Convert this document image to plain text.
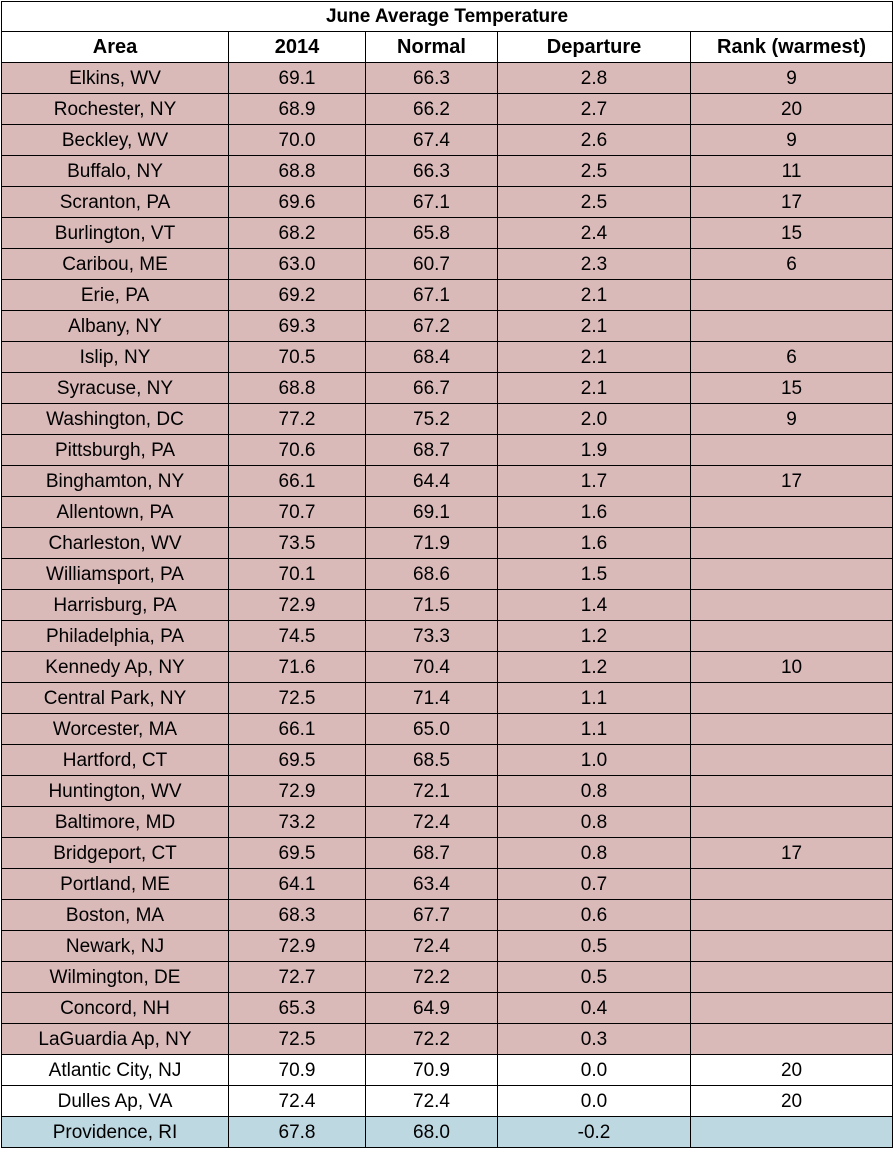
June Average Temperature				
Area	2014	Normal	Departure	Rank (warmest)
Elkins, WV	69.1	66.3	2.8	9
Rochester, NY	68.9	66.2	2.7	20
Beckley, WV	70.0	67.4	2.6	9
Buffalo, NY	68.8	66.3	2.5	11
Scranton, PA	69.6	67.1	2.5	17
Burlington, VT	68.2	65.8	2.4	15
Caribou, ME	63.0	60.7	2.3	6
Erie, PA	69.2	67.1	2.1	
Albany, NY	69.3	67.2	2.1	
Islip, NY	70.5	68.4	2.1	6
Syracuse, NY	68.8	66.7	2.1	15
Washington, DC	77.2	75.2	2.0	9
Pittsburgh, PA	70.6	68.7	1.9	
Binghamton, NY	66.1	64.4	1.7	17
Allentown, PA	70.7	69.1	1.6	
Charleston, WV	73.5	71.9	1.6	
Williamsport, PA	70.1	68.6	1.5	
Harrisburg, PA	72.9	71.5	1.4	
Philadelphia, PA	74.5	73.3	1.2	
Kennedy Ap, NY	71.6	70.4	1.2	10
Central Park, NY	72.5	71.4	1.1	
Worcester, MA	66.1	65.0	1.1	
Hartford, CT	69.5	68.5	1.0	
Huntington, WV	72.9	72.1	0.8	
Baltimore, MD	73.2	72.4	0.8	
Bridgeport, CT	69.5	68.7	0.8	17
Portland, ME	64.1	63.4	0.7	
Boston, MA	68.3	67.7	0.6	
Newark, NJ	72.9	72.4	0.5	
Wilmington, DE	72.7	72.2	0.5	
Concord, NH	65.3	64.9	0.4	
LaGuardia Ap, NY	72.5	72.2	0.3	
Atlantic City, NJ	70.9	70.9	0.0	20
Dulles Ap, VA	72.4	72.4	0.0	20
Providence, RI	67.8	68.0	-0.2	
